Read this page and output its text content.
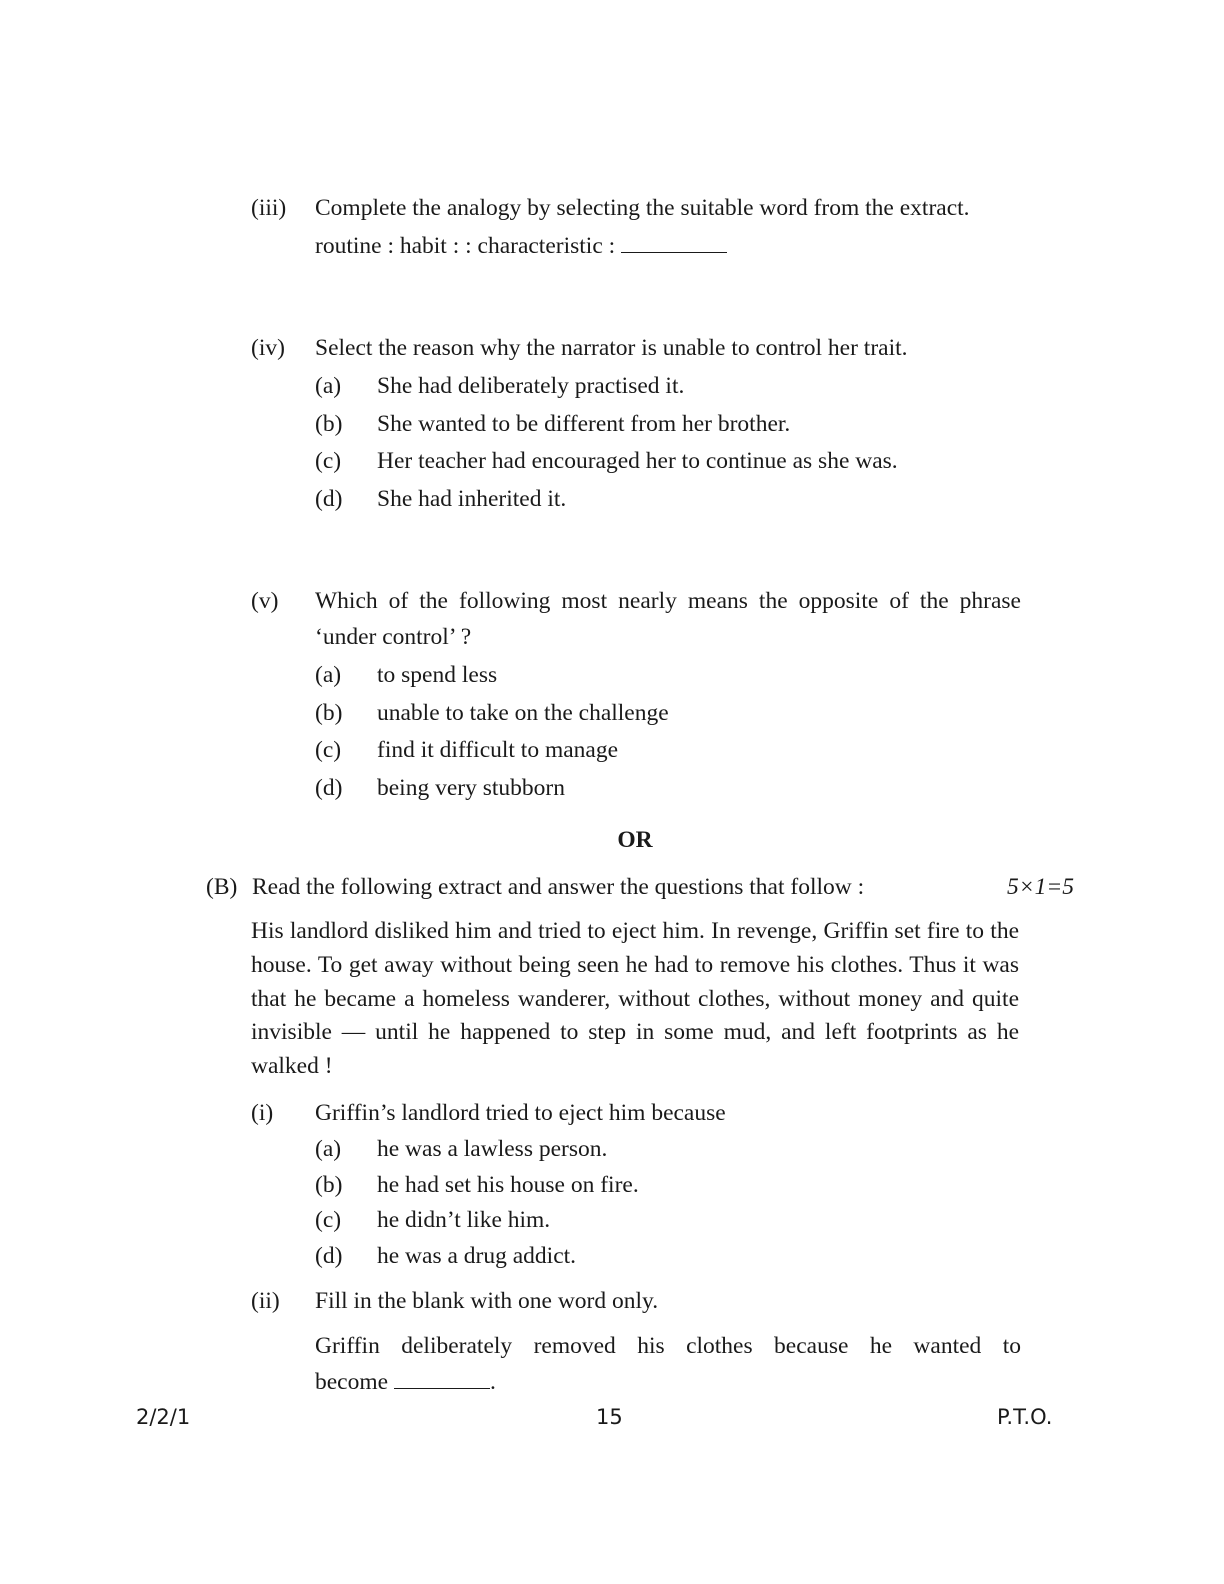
(iii) Complete the analogy by selecting the suitable word from the extract.
routine : habit : : characteristic :
(iv) Select the reason why the narrator is unable to control her trait.
(a) She had deliberately practised it.
(b) She wanted to be different from her brother.
(c) Her teacher had encouraged her to continue as she was.
(d) She had inherited it.
(v) Which of the following most nearly means the opposite of the phrase ‘under control’ ?
(a) to spend less
(b) unable to take on the challenge
(c) find it difficult to manage
(d) being very stubborn
OR
(B) Read the following extract and answer the questions that follow :	5×1=5

His landlord disliked him and tried to eject him. In revenge, Griffin set fire to the house. To get away without being seen he had to remove his clothes. Thus it was that he became a homeless wanderer, without clothes, without money and quite invisible — until he happened to step in some mud, and left footprints as he walked !

(i) Griffin’s landlord tried to eject him because
(a) he was a lawless person.
(b) he had set his house on fire.
(c) he didn’t like him.
(d) he was a drug addict.
(ii) Fill in the blank with one word only.
Griffin deliberately removed his clothes because he wanted to
become	.
2/2/1	15	P.T.O.
